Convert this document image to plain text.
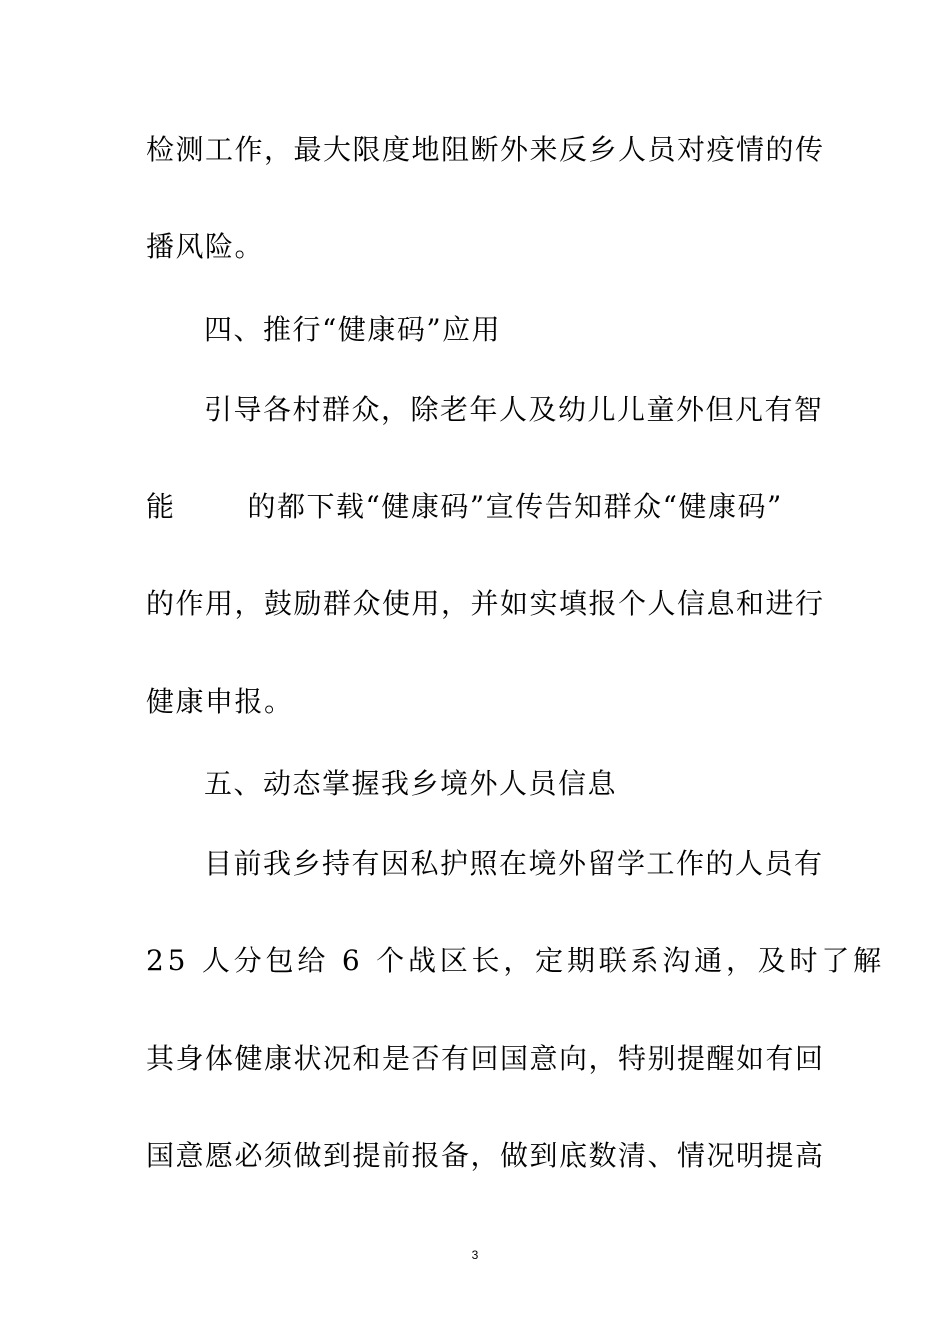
检测工作，最大限度地阻断外来反乡人员对疫情的传
播风险。
四、推行“健康码”应用
引导各村群众，除老年人及幼儿儿童外但凡有智
能	的都下载“健康码”宣传告知群众“健康码”
的作用，鼓励群众使用，并如实填报个人信息和进行
健康申报。
五、动态掌握我乡境外人员信息
目前我乡持有因私护照在境外留学工作的人员有
25 人分包给 6 个战区长，定期联系沟通，及时了解
其身体健康状况和是否有回国意向，特别提醒如有回
国意愿必须做到提前报备，做到底数清、情况明提高
3
